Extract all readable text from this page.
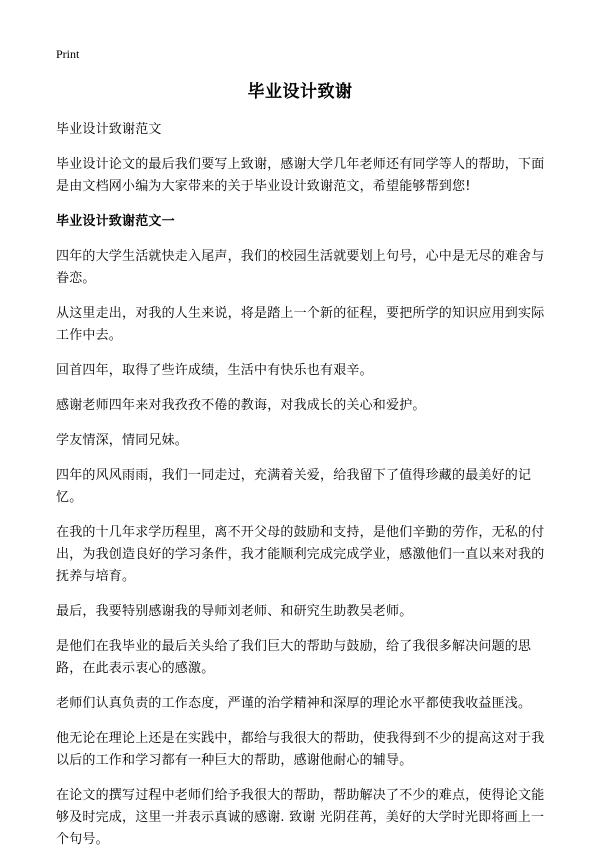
Print
毕业设计致谢

毕业设计致谢范文

毕业设计论文的最后我们要写上致谢，感谢大学几年老师还有同学等人的帮助，下面是由文档网小编为大家带来的关于毕业设计致谢范文，希望能够帮到您!

毕业设计致谢范文一

四年的大学生活就快走入尾声，我们的校园生活就要划上句号，心中是无尽的难舍与眷恋。

从这里走出，对我的人生来说，将是踏上一个新的征程，要把所学的知识应用到实际工作中去。

回首四年，取得了些许成绩，生活中有快乐也有艰辛。

感谢老师四年来对我孜孜不倦的教诲，对我成长的关心和爱护。

学友情深，情同兄妹。

四年的风风雨雨，我们一同走过，充满着关爱，给我留下了值得珍藏的最美好的记忆。

在我的十几年求学历程里，离不开父母的鼓励和支持，是他们辛勤的劳作，无私的付出，为我创造良好的学习条件，我才能顺利完成完成学业，感激他们一直以来对我的抚养与培育。

最后，我要特别感谢我的导师刘老师、和研究生助教吴老师。

是他们在我毕业的最后关头给了我们巨大的帮助与鼓励，给了我很多解决问题的思路，在此表示衷心的感激。

老师们认真负责的工作态度，严谨的治学精神和深厚的理论水平都使我收益匪浅。

他无论在理论上还是在实践中，都给与我很大的帮助，使我得到不少的提高这对于我以后的工作和学习都有一种巨大的帮助，感谢他耐心的辅导。

在论文的撰写过程中老师们给予我很大的帮助，帮助解决了不少的难点，使得论文能够及时完成，这里一并表示真诚的感谢. 致谢 光阴荏苒，美好的大学时光即将画上一个句号。
